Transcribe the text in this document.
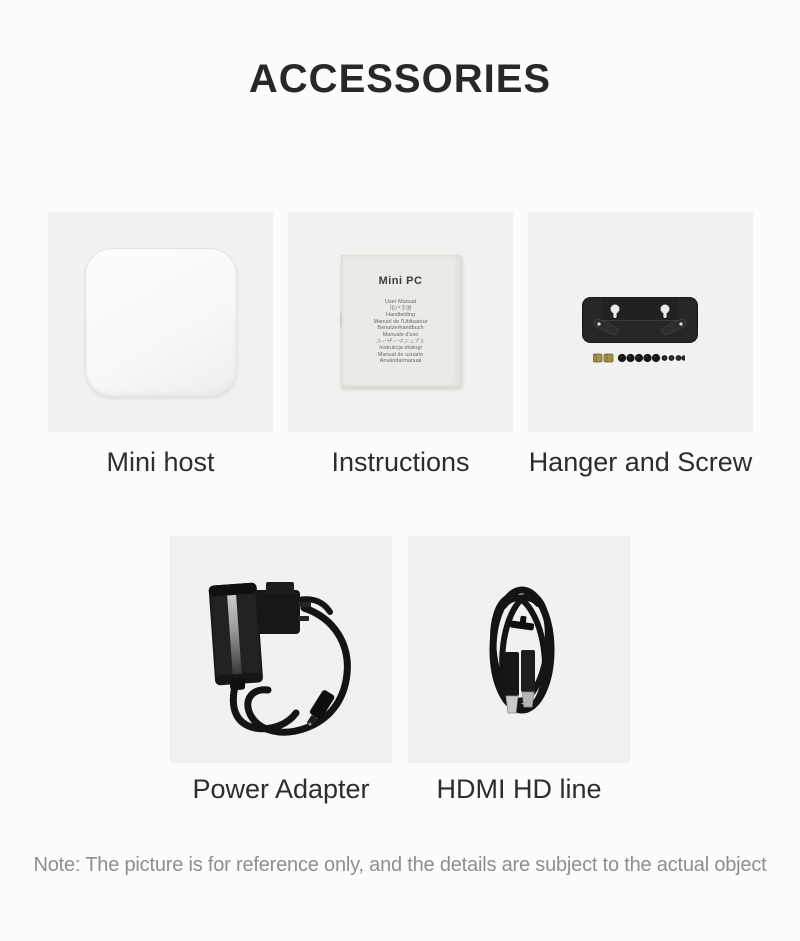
ACCESSORIES
Mini PC
User Manual
用户手册
Handleiding
Manuel de l'Utilisateur
Benutzerhandbuch
Manuale d'uso
ユーザーマニュアル
Instrukcja obsługi
Manual de usuario
Användarmanual
Mini host	Instructions	Hanger and Screw
Power Adapter	HDMI HD line

Note: The picture is for reference only, and the details are subject to the actual object
